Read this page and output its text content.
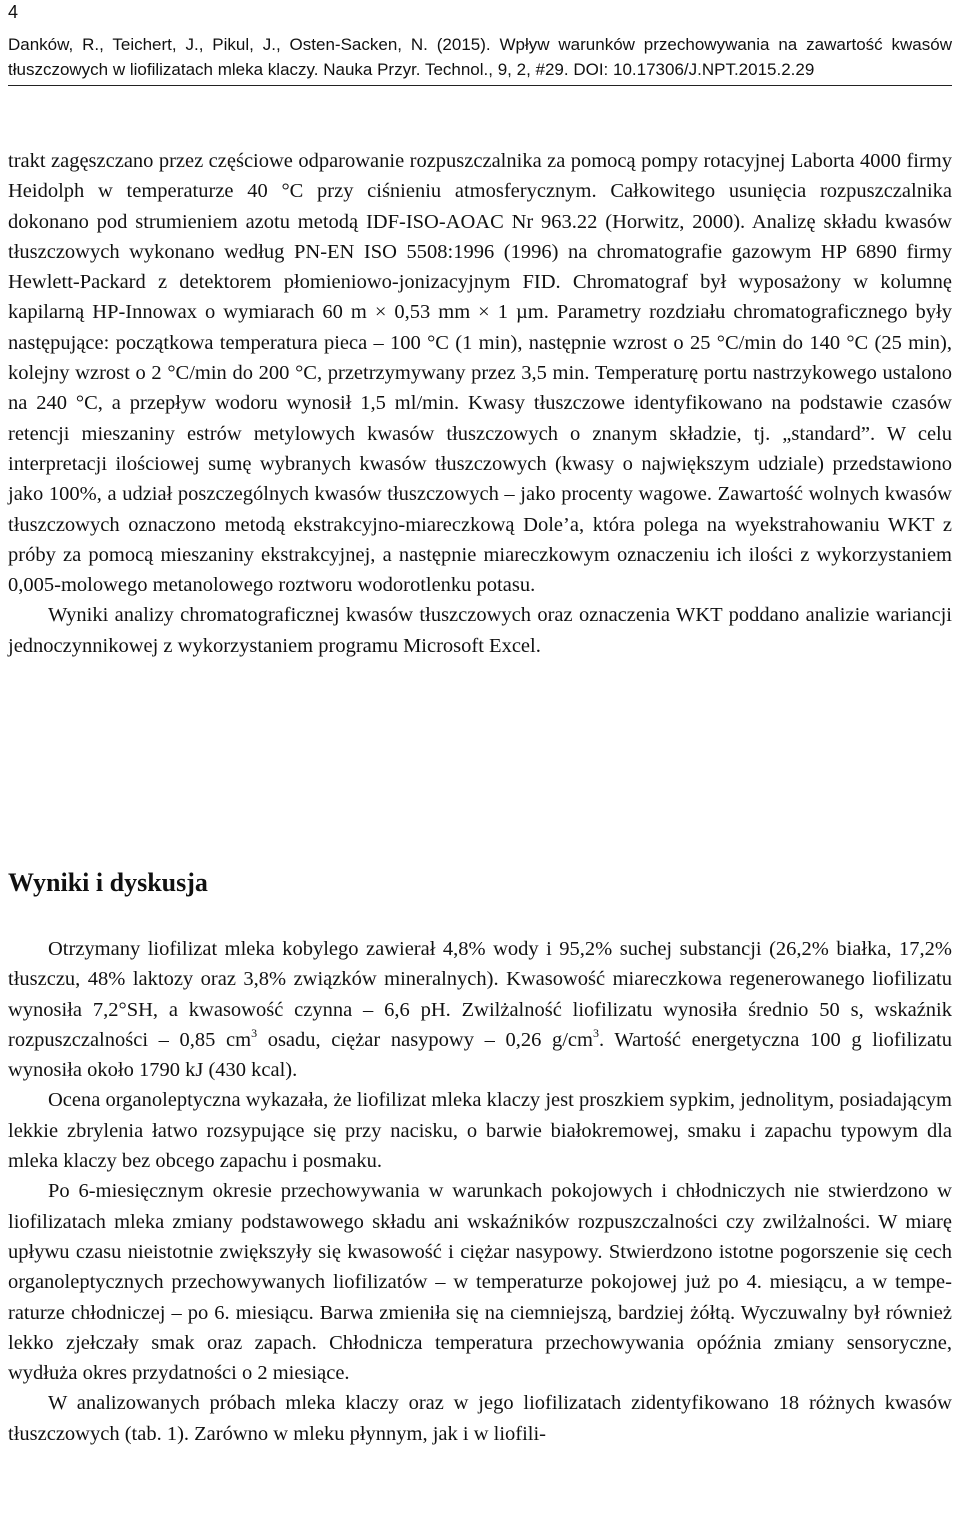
4
Danków, R., Teichert, J., Pikul, J., Osten-Sacken, N. (2015). Wpływ warunków przechowywania na zawartość kwasów tłuszczowych w liofilizatach mleka klaczy. Nauka Przyr. Technol., 9, 2, #29. DOI: 10.17306/J.NPT.2015.2.29

trakt zagęszczano przez częściowe odparowanie rozpuszczalnika za pomocą pompy rotacyjnej Laborta 4000 firmy Heidolph w temperaturze 40 °C przy ciśnieniu atmosferycznym. Całkowitego usunięcia rozpuszczalnika dokonano pod strumieniem azotu metodą IDF-ISO-AOAC Nr 963.22 (Horwitz, 2000). Analizę składu kwasów tłuszczowych wykonano według PN-EN ISO 5508:1996 (1996) na chromatografie gazowym HP 6890 firmy Hewlett-Packard z detektorem płomieniowo-jonizacyjnym FID. Chromatograf był wyposażony w kolumnę kapilarną HP-Innowax o wymiarach 60 m × 0,53 mm × 1 µm. Parametry rozdziału chromatograficznego były następujące: początkowa temperatura pieca – 100 °C (1 min), następnie wzrost o 25 °C/min do 140 °C (25 min), kolejny wzrost o 2 °C/min do 200 °C, przetrzymywany przez 3,5 min. Temperaturę portu nastrzykowego ustalono na 240 °C, a przepływ wodoru wynosił 1,5 ml/min. Kwasy tłuszczowe identyfikowano na podstawie czasów retencji mieszaniny estrów metylowych kwasów tłuszczowych o znanym składzie, tj. „standard”. W celu interpretacji ilościowej sumę wybranych kwasów tłuszczowych (kwasy o największym udziale) przedstawiono jako 100%, a udział poszczególnych kwasów tłuszczowych – jako procenty wagowe. Zawartość wolnych kwasów tłuszczowych oznaczono metodą ekstrakcyjno-miareczkową Dole’a, która polega na wyekstrahowaniu WKT z próby za pomocą mieszaniny ekstrakcyjnej, a następnie miareczkowym oznaczeniu ich ilości z wykorzystaniem 0,005-molowego metanolowego roztworu wodorotlenku potasu.

Wyniki analizy chromatograficznej kwasów tłuszczowych oraz oznaczenia WKT poddano analizie wariancji jednoczynnikowej z wykorzystaniem programu Microsoft Excel.

Wyniki i dyskusja

Otrzymany liofilizat mleka kobylego zawierał 4,8% wody i 95,2% suchej substancji (26,2% białka, 17,2% tłuszczu, 48% laktozy oraz 3,8% związków mineralnych). Kwasowość miareczkowa regenerowanego liofilizatu wynosiła 7,2°SH, a kwasowość czynna – 6,6 pH. Zwilżalność liofilizatu wynosiła średnio 50 s, wskaźnik rozpuszczalności – 0,85 $cm^3$ osadu, ciężar nasypowy – 0,26 $g/cm^3$. Wartość energetyczna 100 g liofilizatu wynosiła około 1790 kJ (430 kcal).

Ocena organoleptyczna wykazała, że liofilizat mleka klaczy jest proszkiem sypkim, jednolitym, posiadającym lekkie zbrylenia łatwo rozsypujące się przy nacisku, o barwie białokremowej, smaku i zapachu typowym dla mleka klaczy bez obcego zapachu i posmaku.

Po 6-miesięcznym okresie przechowywania w warunkach pokojowych i chłodniczych nie stwierdzono w liofilizatach mleka zmiany podstawowego składu ani wskaźników rozpuszczalności czy zwilżalności. W miarę upływu czasu nieistotnie zwiększyły się kwasowość i ciężar nasypowy. Stwierdzono istotne pogorszenie się cech organoleptycznych przechowywanych liofilizatów – w temperaturze pokojowej już po 4. miesiącu, a w temperaturze chłodniczej – po 6. miesiącu. Barwa zmieniła się na ciemniejszą, bardziej żółtą. Wyczuwalny był również lekko zjełczały smak oraz zapach. Chłodnicza temperatura przechowywania opóźnia zmiany sensoryczne, wydłuża okres przydatności o 2 miesiące.

W analizowanych próbach mleka klaczy oraz w jego liofilizatach zidentyfikowano 18 różnych kwasów tłuszczowych (tab. 1). Zarówno w mleku płynnym, jak i w liofili-
